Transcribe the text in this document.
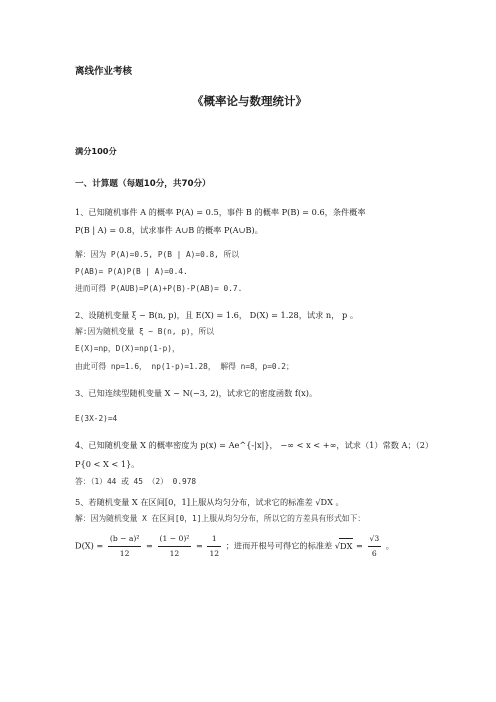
离线作业考核
《概率论与数理统计》
满分100分
一、计算题（每题10分，共70分）
1、已知随机事件 A 的概率 P(A) = 0.5，事件 B 的概率 P(B) = 0.6，条件概率
P(B | A) = 0.8，试求事件 A∪B 的概率 P(A∪B)。
解：因为 P(A)=0.5, P(B | A)=0.8, 所以
P(AB)= P(A)P(B | A)=0.4.
进而可得 P(AUB)=P(A)+P(B)-P(AB)= 0.7.
2、设随机变量 ξ ~ B(n, p)，且 E(X) = 1.6， D(X) = 1.28，试求 n， p 。
解:因为随机变量 ξ ~ B(n, p)，所以
E(X)=np，D(X)=np(1-p)，
由此可得 np=1.6， np(1-p)=1.28， 解得 n=8，p=0.2；
3、已知连续型随机变量 X ~ N(−3, 2)，试求它的密度函数 f(x)。
E(3X-2)=4
4、已知随机变量 X 的概率密度为 p(x) = Ae^{-|x|}， −∞ < x < +∞，试求（1）常数 A；（2）
P{0 < X < 1}。
答：（1）44 或 45 （2） 0.978
5、若随机变量 X 在区间[0，1]上服从均匀分布，试求它的标准差 √DX 。
解：因为随机变量 X 在区间[0，1]上服从均匀分布，所以它的方差具有形式如下：
$D(X) = \frac{\text{(b − a)²}}{12} = \frac{\text{(1 − 0)²}}{12} = \frac{1}{12}$ ；进而开根号可得它的标准差 $√DX = \frac{√3}{6}$ 。
